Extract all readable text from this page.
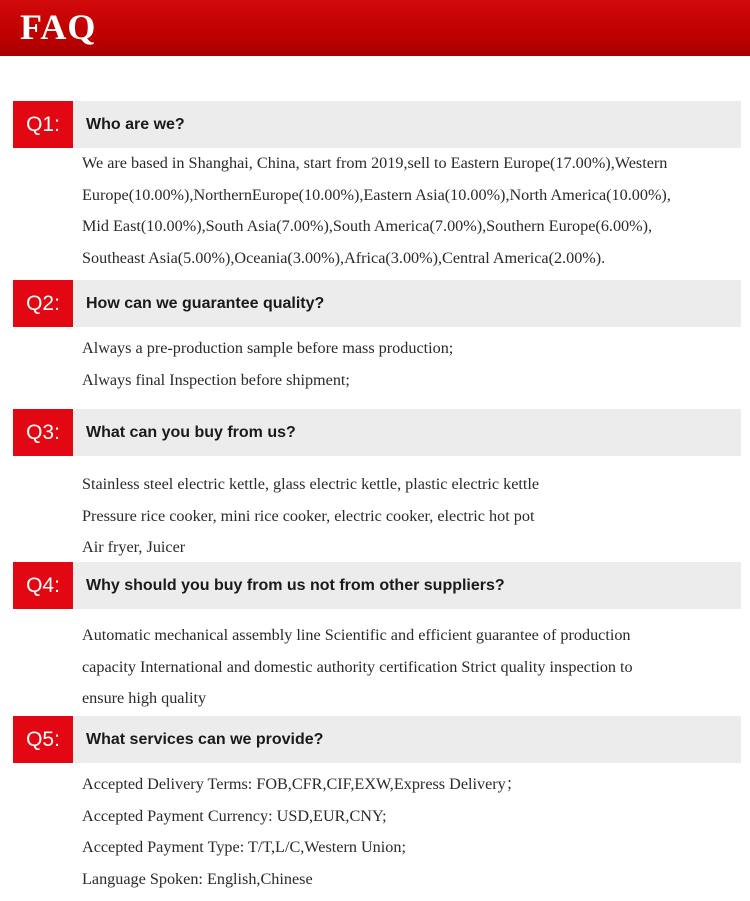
FAQ
Q1:	Who are we?
We are based in Shanghai, China, start from 2019,sell to Eastern Europe(17.00%),Western
Europe(10.00%),NorthernEurope(10.00%),Eastern Asia(10.00%),North America(10.00%),
Mid East(10.00%),South Asia(7.00%),South America(7.00%),Southern Europe(6.00%),
Southeast Asia(5.00%),Oceania(3.00%),Africa(3.00%),Central America(2.00%).
Q2:	How can we guarantee quality?
Always a pre-production sample before mass production;
Always final Inspection before shipment;
Q3:	What can you buy from us?
Stainless steel electric kettle, glass electric kettle, plastic electric kettle
Pressure rice cooker, mini rice cooker, electric cooker, electric hot pot
Air fryer, Juicer
Q4:	Why should you buy from us not from other suppliers?
Automatic mechanical assembly line Scientific and efficient guarantee of production
capacity International and domestic authority certification Strict quality inspection to
ensure high quality
Q5:	What services can we provide?
Accepted Delivery Terms: FOB,CFR,CIF,EXW,Express Delivery；
Accepted Payment Currency: USD,EUR,CNY;
Accepted Payment Type: T/T,L/C,Western Union;
Language Spoken: English,Chinese
